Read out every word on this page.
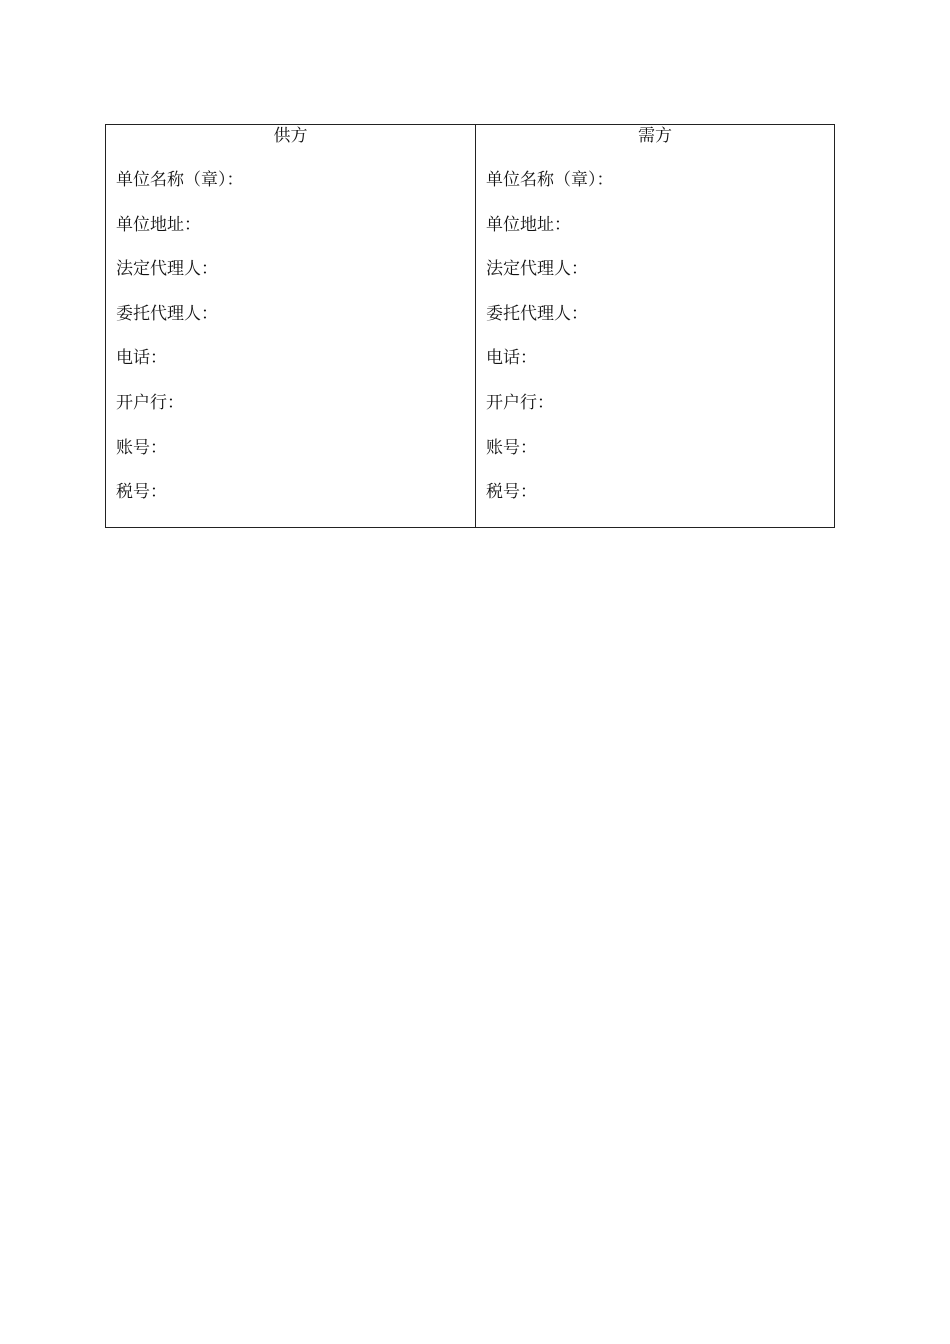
供方
单位名称（章）：
单位地址：
法定代理人：
委托代理人：
电话：
开户行：
账号：
税号：
需方
单位名称（章）：
单位地址：
法定代理人：
委托代理人：
电话：
开户行：
账号：
税号：
